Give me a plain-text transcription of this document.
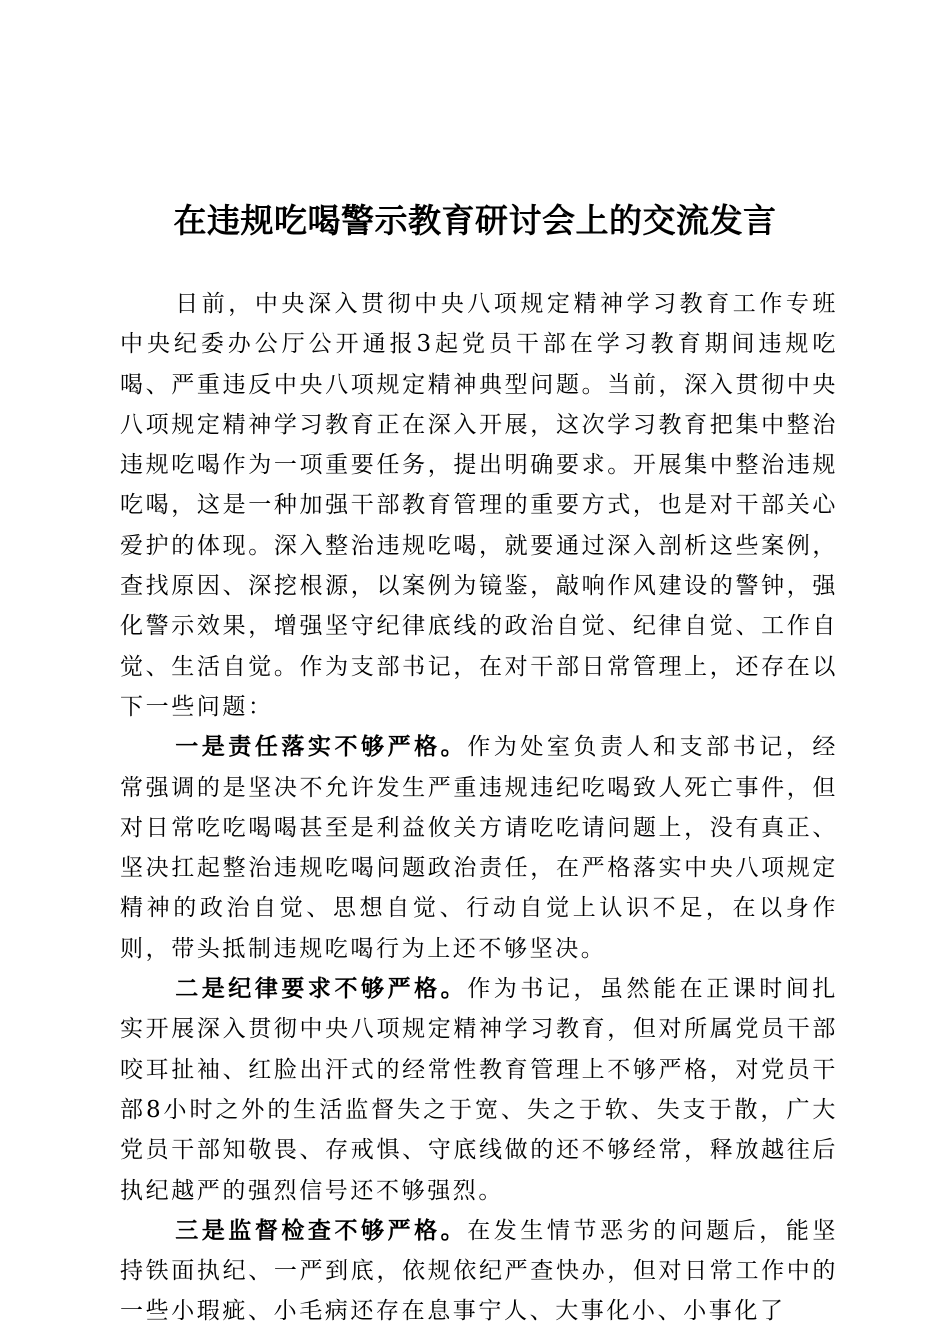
在违规吃喝警示教育研讨会上的交流发言

日前，中央深入贯彻中央八项规定精神学习教育工作专班中央纪委办公厅公开通报3起党员干部在学习教育期间违规吃喝、严重违反中央八项规定精神典型问题。当前，深入贯彻中央八项规定精神学习教育正在深入开展，这次学习教育把集中整治违规吃喝作为一项重要任务，提出明确要求。开展集中整治违规吃喝，这是一种加强干部教育管理的重要方式，也是对干部关心爱护的体现。深入整治违规吃喝，就要通过深入剖析这些案例，查找原因、深挖根源，以案例为镜鉴，敲响作风建设的警钟，强化警示效果，增强坚守纪律底线的政治自觉、纪律自觉、工作自觉、生活自觉。作为支部书记，在对干部日常管理上，还存在以下一些问题：

一是责任落实不够严格。作为处室负责人和支部书记，经常强调的是坚决不允许发生严重违规违纪吃喝致人死亡事件，但对日常吃吃喝喝甚至是利益攸关方请吃吃请问题上，没有真正、坚决扛起整治违规吃喝问题政治责任，在严格落实中央八项规定精神的政治自觉、思想自觉、行动自觉上认识不足，在以身作则，带头抵制违规吃喝行为上还不够坚决。

二是纪律要求不够严格。作为书记，虽然能在正课时间扎实开展深入贯彻中央八项规定精神学习教育，但对所属党员干部咬耳扯袖、红脸出汗式的经常性教育管理上不够严格，对党员干部8小时之外的生活监督失之于宽、失之于软、失支于散，广大党员干部知敬畏、存戒惧、守底线做的还不够经常，释放越往后执纪越严的强烈信号还不够强烈。

三是监督检查不够严格。在发生情节恶劣的问题后，能坚持铁面执纪、一严到底，依规依纪严查快办，但对日常工作中的一些小瑕疵、小毛病还存在息事宁人、大事化小、小事化了
